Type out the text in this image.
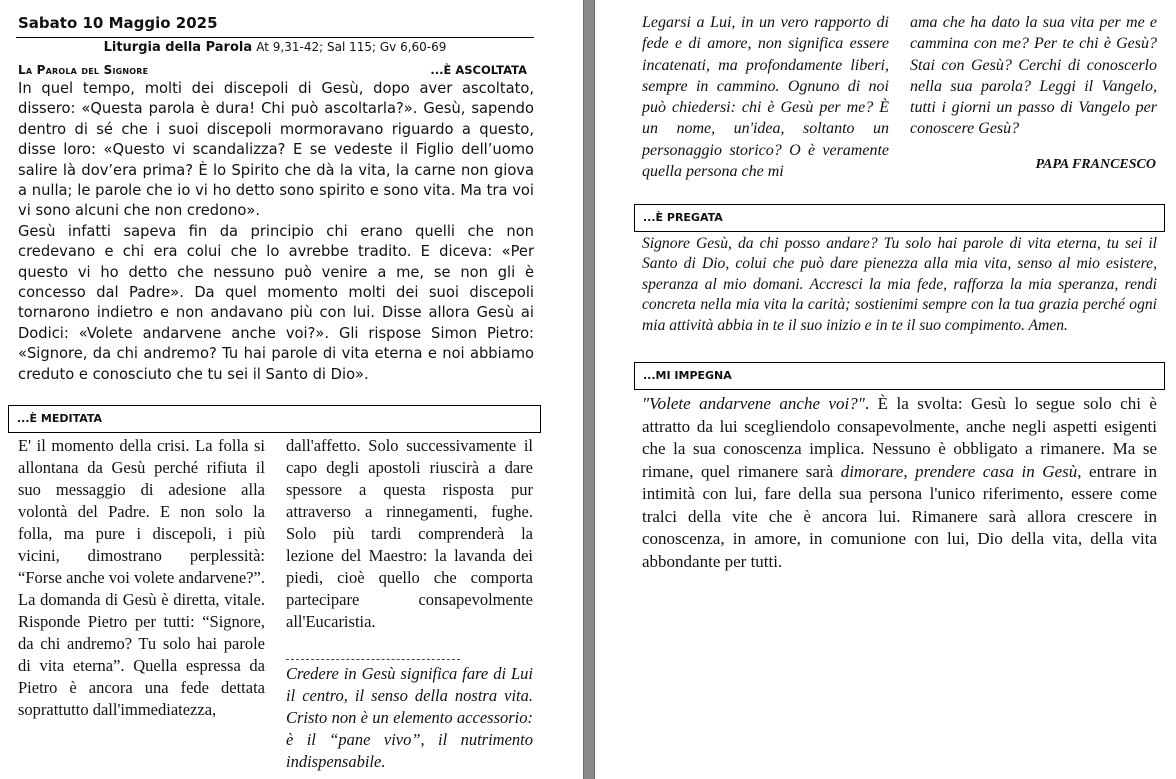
Sabato 10 Maggio 2025
Liturgia della Parola At 9,31-42; Sal 115; Gv 6,60-69
La Parola del Signore	...È ASCOLTATA

In quel tempo, molti dei discepoli di Gesù, dopo aver ascoltato, dissero: «Questa parola è dura! Chi può ascoltarla?». Gesù, sapendo dentro di sé che i suoi discepoli mormoravano riguardo a questo, disse loro: «Questo vi scandalizza? E se vedeste il Figlio dell’uomo salire là dov’era prima? È lo Spirito che dà la vita, la carne non giova a nulla; le parole che io vi ho detto sono spirito e sono vita. Ma tra voi vi sono alcuni che non credono».

Gesù infatti sapeva fin da principio chi erano quelli che non credevano e chi era colui che lo avrebbe tradito. E diceva: «Per questo vi ho detto che nessuno può venire a me, se non gli è concesso dal Padre». Da quel momento molti dei suoi discepoli tornarono indietro e non andavano più con lui. Disse allora Gesù ai Dodici: «Volete andarvene anche voi?». Gli rispose Simon Pietro: «Signore, da chi andremo? Tu hai parole di vita eterna e noi abbiamo creduto e conosciuto che tu sei il Santo di Dio».

...È MEDITATA
E' il momento della crisi. La folla si allontana da Gesù perché rifiuta il suo messaggio di adesione alla volontà del Padre. E non solo la folla, ma pure i discepoli, i più vicini, dimostrano perplessità: “Forse anche voi volete andarvene?”. La domanda di Gesù è diretta, vitale. Risponde Pietro per tutti: “Signore, da chi andremo? Tu solo hai parole di vita eterna”. Quella espressa da Pietro è ancora una fede dettata soprattutto dall'immediatezza,
dall'affetto. Solo successivamente il capo degli apostoli riuscirà a dare spessore a questa risposta pur attraverso a rinnegamenti, fughe. Solo più tardi comprenderà la lezione del Maestro: la lavanda dei piedi, cioè quello che comporta partecipare consapevolmente all'Eucaristia.
Credere in Gesù significa fare di Lui il centro, il senso della nostra vita. Cristo non è un elemento accessorio: è il “pane vivo”, il nutrimento indispensabile.
Legarsi a Lui, in un vero rapporto di fede e di amore, non significa essere incatenati, ma profondamente liberi, sempre in cammino. Ognuno di noi può chiedersi: chi è Gesù per me? È un nome, un'idea, soltanto un personaggio storico? O è veramente quella persona che mi
ama che ha dato la sua vita per me e cammina con me? Per te chi è Gesù? Stai con Gesù? Cerchi di conoscerlo nella sua parola? Leggi il Vangelo, tutti i giorni un passo di Vangelo per conoscere Gesù?
PAPA FRANCESCO
...È PREGATA
Signore Gesù, da chi posso andare? Tu solo hai parole di vita eterna, tu sei il Santo di Dio, colui che può dare pienezza alla mia vita, senso al mio esistere, speranza al mio domani. Accresci la mia fede, rafforza la mia speranza, rendi concreta nella mia vita la carità; sostienimi sempre con la tua grazia perché ogni mia attività abbia in te il suo inizio e in te il suo compimento. Amen.
...MI IMPEGNA
"Volete andarvene anche voi?". È la svolta: Gesù lo segue solo chi è attratto da lui scegliendolo consapevolmente, anche negli aspetti esigenti che la sua conoscenza implica. Nessuno è obbligato a rimanere. Ma se rimane, quel rimanere sarà dimorare, prendere casa in Gesù, entrare in intimità con lui, fare della sua persona l'unico riferimento, essere come tralci della vite che è ancora lui. Rimanere sarà allora crescere in conoscenza, in amore, in comunione con lui, Dio della vita, della vita abbondante per tutti.
